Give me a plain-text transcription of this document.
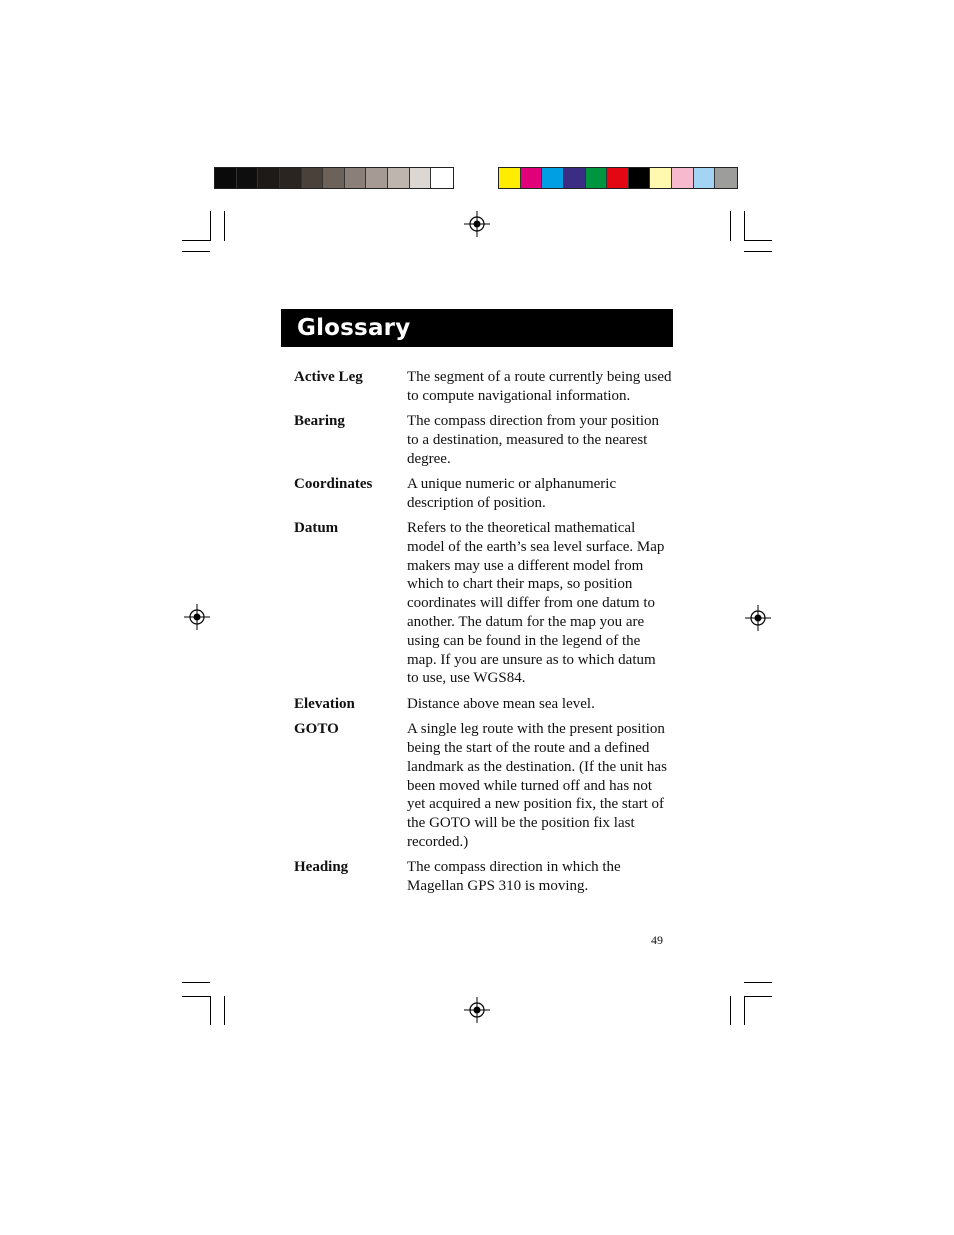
Glossary
Active Leg	The segment of a route currently being used
to compute navigational information.
Bearing	The compass direction from your position
to a destination, measured to the nearest
degree.
Coordinates	A unique numeric or alphanumeric
description of position.
Datum	Refers to the theoretical mathematical
model of the earth’s sea level surface. Map
makers may use a different model from
which to chart their maps, so position
coordinates will differ from one datum to
another. The datum for the map you are
using can be found in the legend of the
map. If you are unsure as to which datum
to use, use WGS84.
Elevation	Distance above mean sea level.
GOTO	A single leg route with the present position
being the start of the route and a defined
landmark as the destination. (If the unit has
been moved while turned off and has not
yet acquired a new position fix, the start of
the GOTO will be the position fix last
recorded.)
Heading	The compass direction in which the
Magellan GPS 310 is moving.
49
